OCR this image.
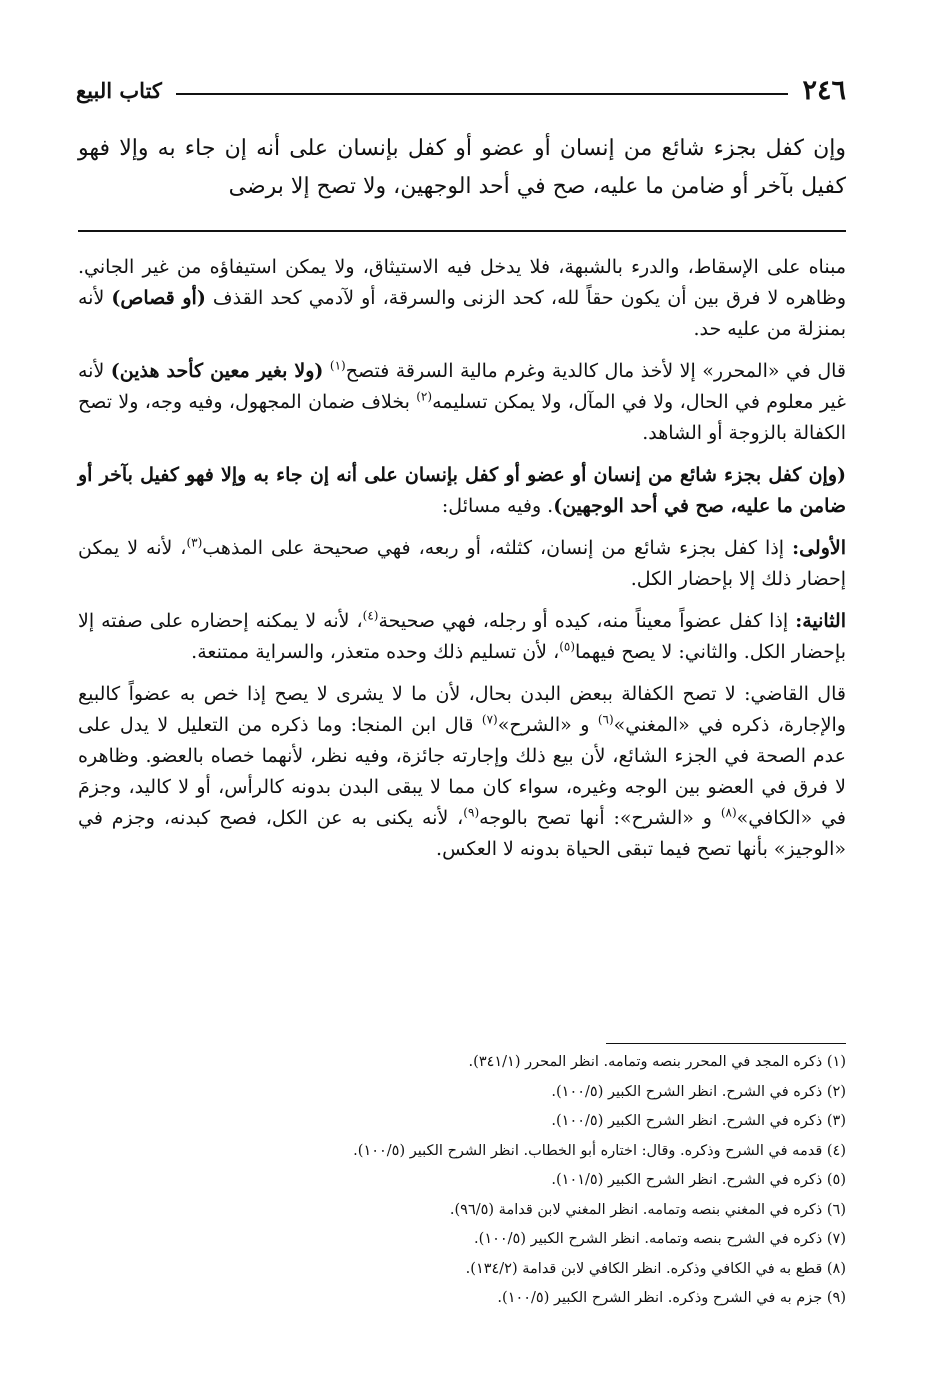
٢٤٦
كتاب البيع
وإن كفل بجزء شائع من إنسان أو عضو أو كفل بإنسان على أنه إن جاء به وإلا فهو كفيل بآخر أو ضامن ما عليه، صح في أحد الوجهين، ولا تصح إلا برضى

مبناه على الإسقاط، والدرء بالشبهة، فلا يدخل فيه الاستيثاق، ولا يمكن استيفاؤه من غير الجاني. وظاهره لا فرق بين أن يكون حقاً لله، كحد الزنى والسرقة، أو لآدمي كحد القذف (أو قصاص) لأنه بمنزلة من عليه حد.

قال في «المحرر» إلا لأخذ مال كالدية وغرم مالية السرقة فتصح$^{(١)}$ (ولا بغير معين كأحد هذين) لأنه غير معلوم في الحال، ولا في المآل، ولا يمكن تسليمه$^{(٢)}$ بخلاف ضمان المجهول، وفيه وجه، ولا تصح الكفالة بالزوجة أو الشاهد.

(وإن كفل بجزء شائع من إنسان أو عضو أو كفل بإنسان على أنه إن جاء به وإلا فهو كفيل بآخر أو ضامن ما عليه، صح في أحد الوجهين). وفيه مسائل:

الأولى: إذا كفل بجزء شائع من إنسان، كثلثه، أو ربعه، فهي صحيحة على المذهب$^{(٣)}$، لأنه لا يمكن إحضار ذلك إلا بإحضار الكل.

الثانية: إذا كفل عضواً معيناً منه، كيده أو رجله، فهي صحيحة$^{(٤)}$، لأنه لا يمكنه إحضاره على صفته إلا بإحضار الكل. والثاني: لا يصح فيهما$^{(٥)}$، لأن تسليم ذلك وحده متعذر، والسراية ممتنعة.

قال القاضي: لا تصح الكفالة ببعض البدن بحال، لأن ما لا يشرى لا يصح إذا خص به عضواً كالبيع والإجارة، ذكره في «المغني»$^{(٦)}$ و «الشرح»$^{(٧)}$ قال ابن المنجا: وما ذكره من التعليل لا يدل على عدم الصحة في الجزء الشائع، لأن بيع ذلك وإجارته جائزة، وفيه نظر، لأنهما خصاه بالعضو. وظاهره لا فرق في العضو بين الوجه وغيره، سواء كان مما لا يبقى البدن بدونه كالرأس، أو لا كاليد، وجزمَ في «الكافي»$^{(٨)}$ و «الشرح»: أنها تصح بالوجه$^{(٩)}$، لأنه يكنى به عن الكل، فصح كبدنه، وجزم في «الوجيز» بأنها تصح فيما تبقى الحياة بدونه لا العكس.

(١) ذكره المجد في المحرر بنصه وتمامه. انظر المحرر (٣٤١/١).
(٢) ذكره في الشرح. انظر الشرح الكبير (١٠٠/٥).
(٣) ذكره في الشرح. انظر الشرح الكبير (١٠٠/٥).
(٤) قدمه في الشرح وذكره. وقال: اختاره أبو الخطاب. انظر الشرح الكبير (١٠٠/٥).
(٥) ذكره في الشرح. انظر الشرح الكبير (١٠١/٥).
(٦) ذكره في المغني بنصه وتمامه. انظر المغني لابن قدامة (٩٦/٥).
(٧) ذكره في الشرح بنصه وتمامه. انظر الشرح الكبير (١٠٠/٥).
(٨) قطع به في الكافي وذكره. انظر الكافي لابن قدامة (١٣٤/٢).
(٩) جزم به في الشرح وذكره. انظر الشرح الكبير (١٠٠/٥).
